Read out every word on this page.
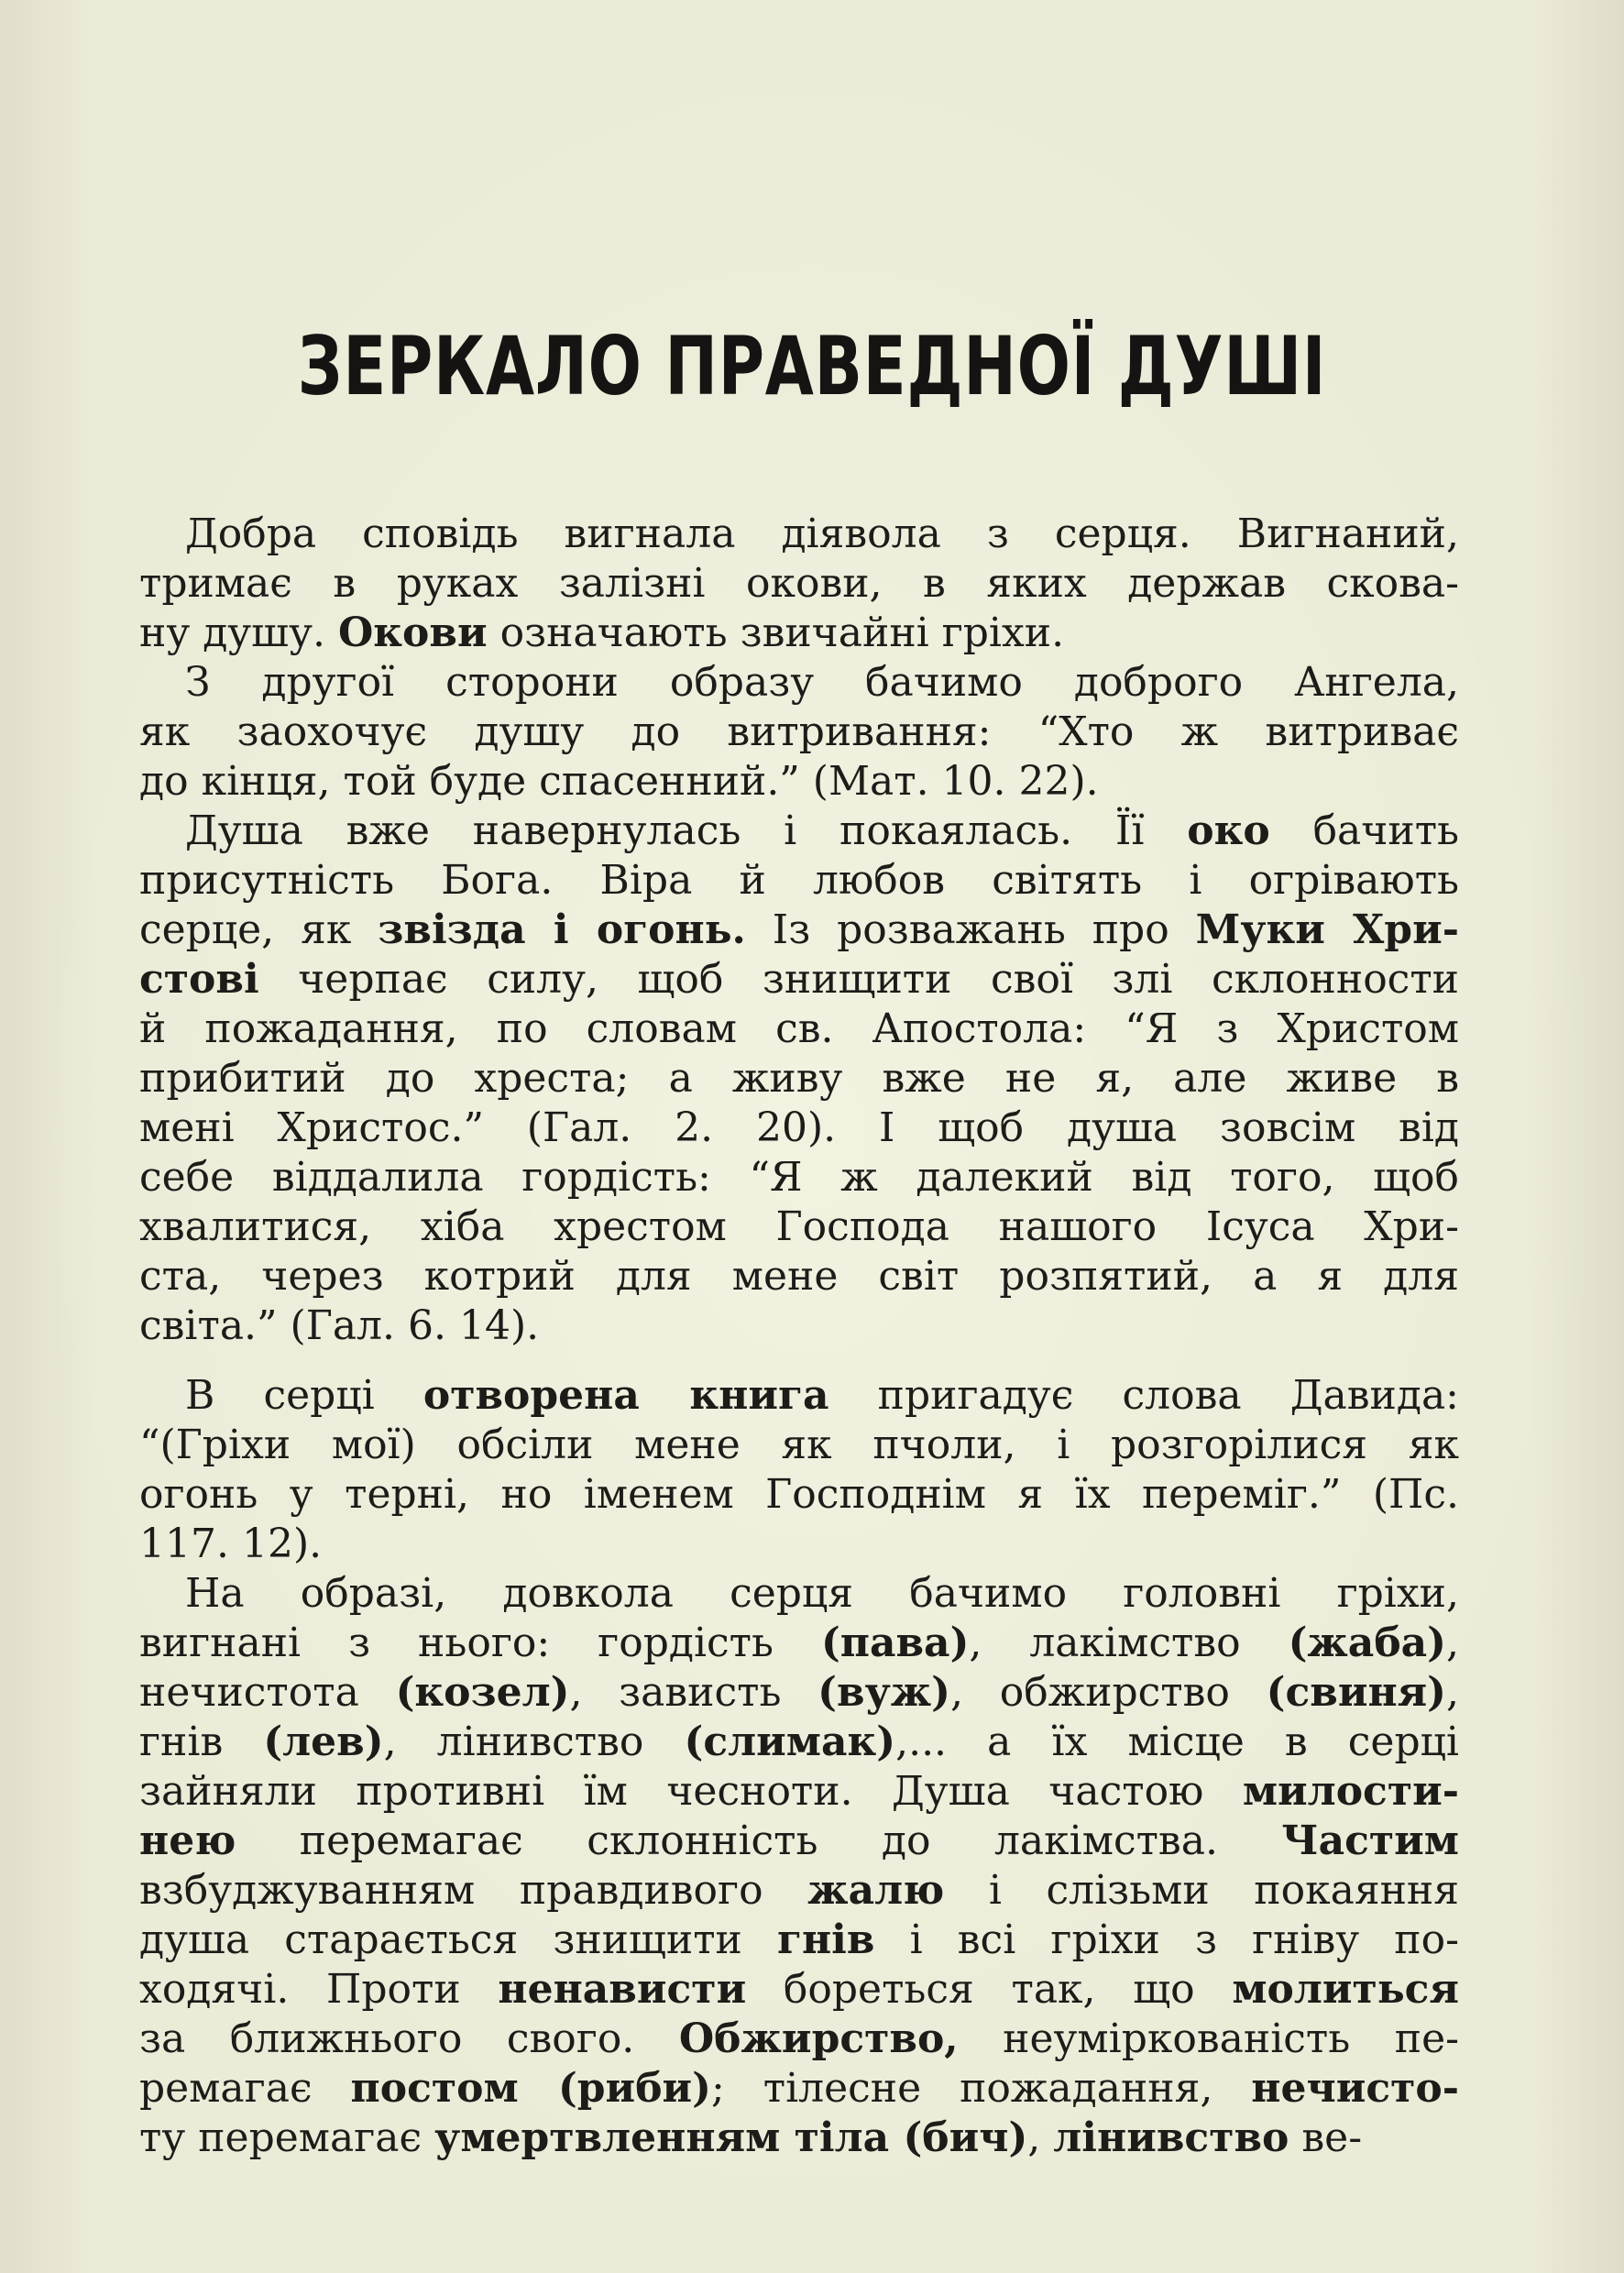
ЗЕРКАЛО ПРАВЕДНОЇ ДУШІ
Добра сповідь вигнала діявола з серця. Вигнаний,
тримає в руках залізні окови, в яких держав скова-
ну душу. Окови означають звичайні гріхи.
З другої сторони образу бачимо доброго Ангела,
як заохочує душу до витривання: “Хто ж витриває
до кінця, той буде спасенний.” (Мат. 10. 22).
Душа вже навернулась і покаялась. Її око бачить
присутність Бога. Віра й любов світять і огрівають
серце, як звізда і огонь. Із розважань про Муки Хри-
стові черпає силу, щоб знищити свої злі склонности
й пожадання, по словам св. Апостола: “Я з Христом
прибитий до хреста; а живу вже не я, але живе в
мені Христос.” (Гал. 2. 20). І щоб душа зовсім від
себе віддалила гордість: “Я ж далекий від того, щоб
хвалитися, хіба хрестом Господа нашого Ісуса Хри-
ста, через котрий для мене світ розпятий, а я для
світа.” (Гал. 6. 14).
В серці отворена книга пригадує слова Давида:
“(Гріхи мої) обсіли мене як пчоли, і розгорілися як
огонь у терні, но іменем Господнім я їх переміг.” (Пс.
117. 12).
На образі, довкола серця бачимо головні гріхи,
вигнані з нього: гордість (пава), лакімство (жаба),
нечистота (козел), зависть (вуж), обжирство (свиня),
гнів (лев), лінивство (слимак),... а їх місце в серці
зайняли противні їм чесноти. Душа частою милости-
нею перемагає склонність до лакімства. Частим
взбуджуванням правдивого жалю і слізьми покаяння
душа старається знищити гнів і всі гріхи з гніву по-
ходячі. Проти ненависти бореться так, що молиться
за ближнього свого. Обжирство, неумірковaність пе-
ремагає постом (риби); тілесне пожадання, нечисто-
ту перемагає умертвленням тіла (бич), лінивство ве-
